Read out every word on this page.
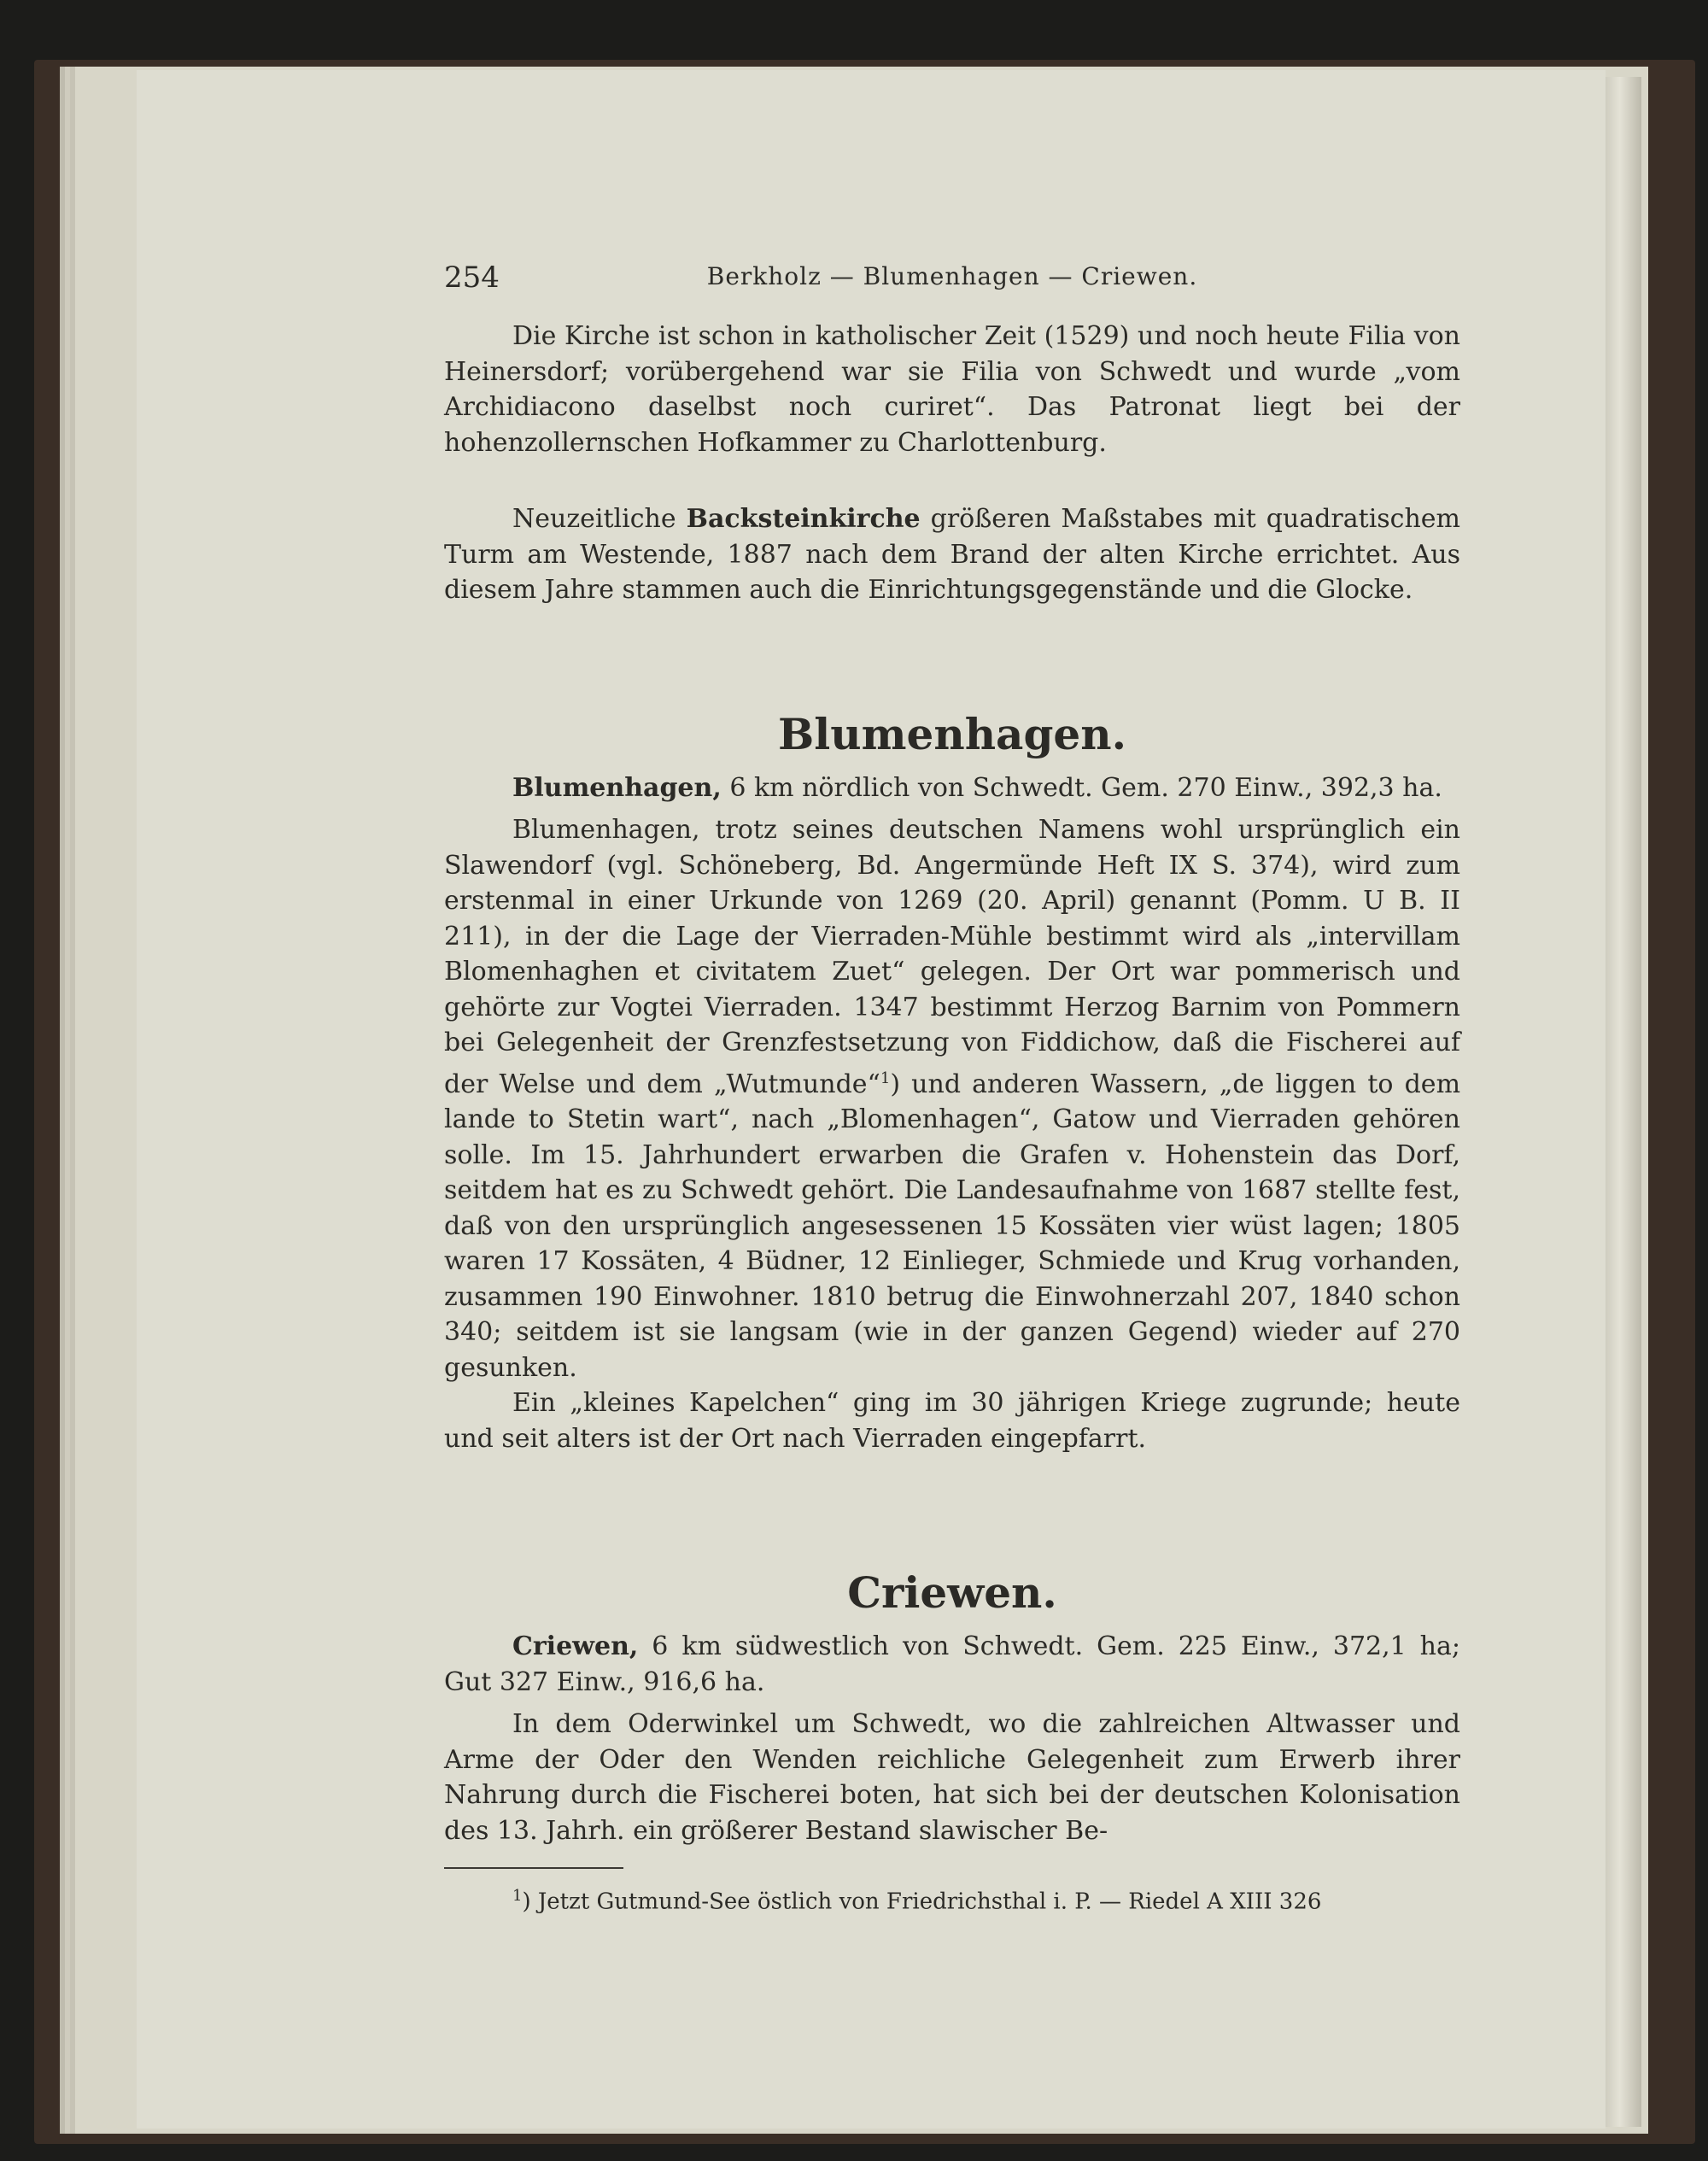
254	Berkholz — Blumenhagen — Criewen.

Die Kirche ist schon in katholischer Zeit (1529) und noch heute Filia von Heinersdorf; vorübergehend war sie Filia von Schwedt und wurde „vom Archidiacono daselbst noch curiret“. Das Patronat liegt bei der hohenzollernschen Hofkammer zu Charlottenburg.

Neuzeitliche Backsteinkirche größeren Maßstabes mit quadratischem Turm am Westende, 1887 nach dem Brand der alten Kirche errichtet. Aus diesem Jahre stammen auch die Einrichtungsgegenstände und die Glocke.

Blumenhagen.

Blumenhagen, 6 km nördlich von Schwedt. Gem. 270 Einw., 392,3 ha.

Blumenhagen, trotz seines deutschen Namens wohl ursprünglich ein Slawendorf (vgl. Schöneberg, Bd. Angermünde Heft IX S. 374), wird zum erstenmal in einer Urkunde von 1269 (20. April) genannt (Pomm. U B. II 211), in der die Lage der Vierraden-Mühle bestimmt wird als „intervillam Blomenhaghen et civitatem Zuet“ gelegen. Der Ort war pommerisch und gehörte zur Vogtei Vierraden. 1347 bestimmt Herzog Barnim von Pommern bei Gelegenheit der Grenzfestsetzung von Fiddichow, daß die Fischerei auf der Welse und dem „Wutmunde“$^1$) und anderen Wassern, „de liggen to dem lande to Stetin wart“, nach „Blomenhagen“, Gatow und Vierraden gehören solle. Im 15. Jahrhundert erwarben die Grafen v. Hohenstein das Dorf, seitdem hat es zu Schwedt gehört. Die Landesaufnahme von 1687 stellte fest, daß von den ursprünglich angesessenen 15 Kossäten vier wüst lagen; 1805 waren 17 Kossäten, 4 Büdner, 12 Einlieger, Schmiede und Krug vorhanden, zusammen 190 Einwohner. 1810 betrug die Einwohnerzahl 207, 1840 schon 340; seitdem ist sie langsam (wie in der ganzen Gegend) wieder auf 270 gesunken.

Ein „kleines Kapelchen“ ging im 30 jährigen Kriege zugrunde; heute und seit alters ist der Ort nach Vierraden eingepfarrt.

Criewen.

Criewen, 6 km südwestlich von Schwedt. Gem. 225 Einw., 372,1 ha; Gut 327 Einw., 916,6 ha.

In dem Oderwinkel um Schwedt, wo die zahlreichen Altwasser und Arme der Oder den Wenden reichliche Gelegenheit zum Erwerb ihrer Nahrung durch die Fischerei boten, hat sich bei der deutschen Kolonisation des 13. Jahrh. ein größerer Bestand slawischer Be-

$^1$) Jetzt Gutmund-See östlich von Friedrichsthal i. P. — Riedel A XIII 326
